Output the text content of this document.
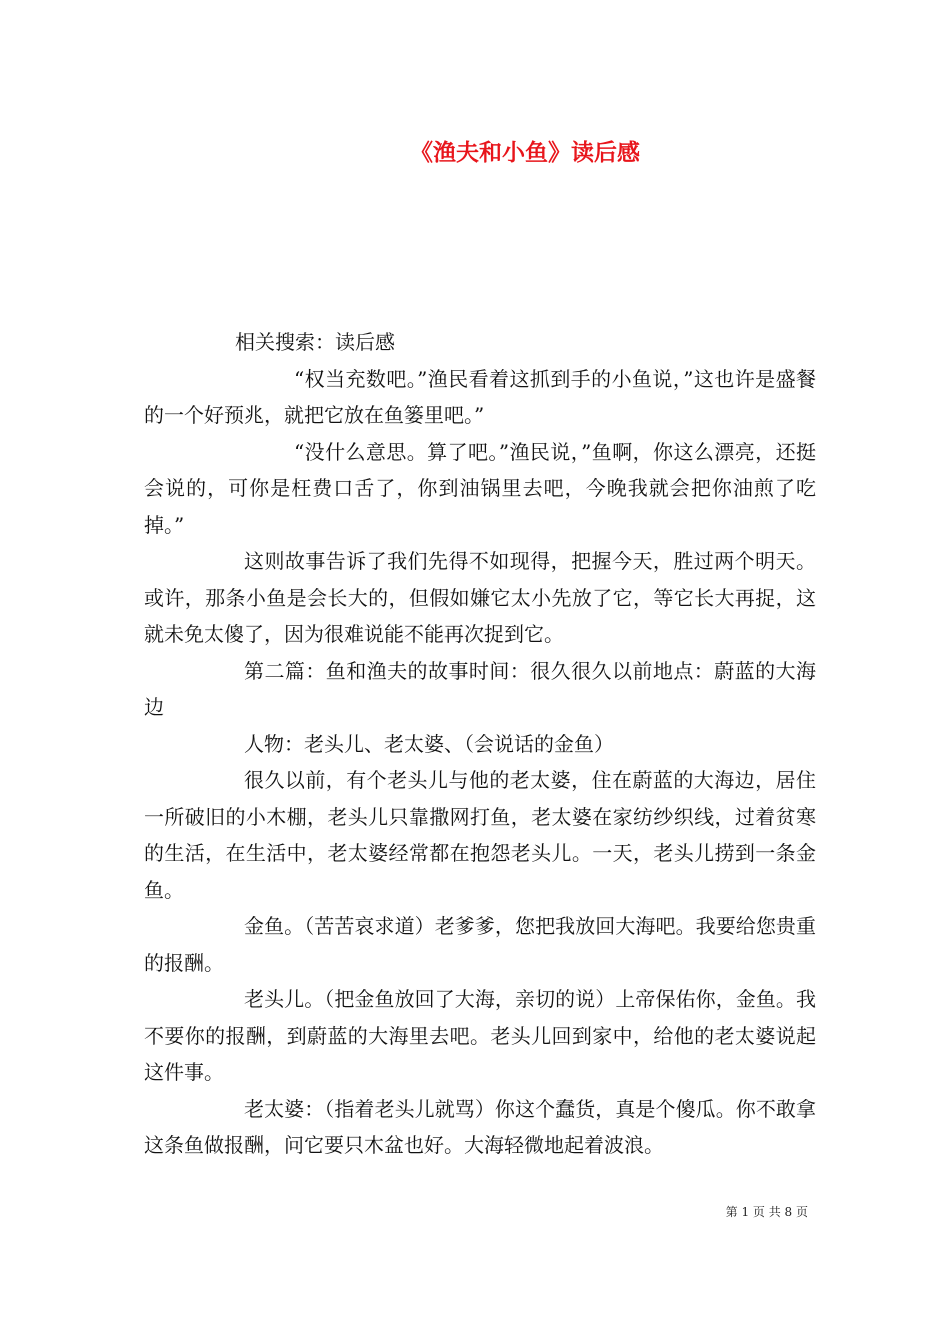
《渔夫和小鱼》读后感

相关搜索：读后感

“权当充数吧。”渔民看着这抓到手的小鱼说，”这也许是盛餐的一个好预兆，就把它放在鱼篓里吧。”

“没什么意思。算了吧。”渔民说，”鱼啊，你这么漂亮，还挺会说的，可你是枉费口舌了，你到油锅里去吧，今晚我就会把你油煎了吃掉。”

这则故事告诉了我们先得不如现得，把握今天，胜过两个明天。或许，那条小鱼是会长大的，但假如嫌它太小先放了它，等它长大再捉，这就未免太傻了，因为很难说能不能再次捉到它。

第二篇：鱼和渔夫的故事时间：很久很久以前地点：蔚蓝的大海边

人物：老头儿、老太婆、（会说话的金鱼）

很久以前，有个老头儿与他的老太婆，住在蔚蓝的大海边，居住一所破旧的小木棚，老头儿只靠撒网打鱼，老太婆在家纺纱织线，过着贫寒的生活，在生活中，老太婆经常都在抱怨老头儿。一天，老头儿捞到一条金鱼。

金鱼。（苦苦哀求道）老爹爹，您把我放回大海吧。我要给您贵重的报酬。

老头儿。（把金鱼放回了大海，亲切的说）上帝保佑你，金鱼。我不要你的报酬，到蔚蓝的大海里去吧。老头儿回到家中，给他的老太婆说起这件事。

老太婆：（指着老头儿就骂）你这个蠢货，真是个傻瓜。你不敢拿这条鱼做报酬，问它要只木盆也好。大海轻微地起着波浪。

第 1 页 共 8 页
